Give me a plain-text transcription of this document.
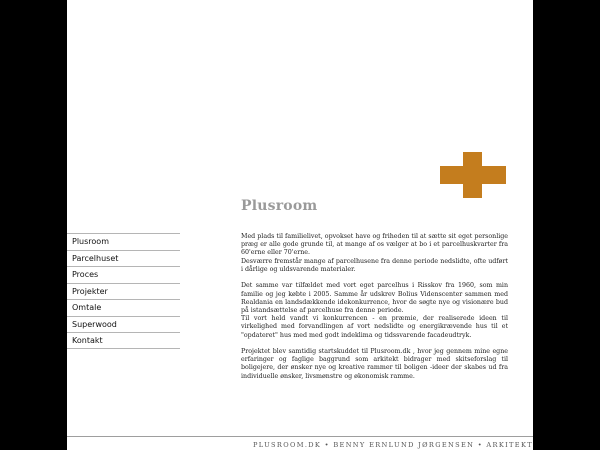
Plusroom
Plusroom
Parcelhuset
Proces
Projekter
Omtale
Superwood
Kontakt

Med plads til familielivet, opvokset have og friheden til at sætte sit eget personlige præg er alle gode grunde til, at mange af os vælger at bo i et parcelhuskvarter fra 60'erne eller 70'erne.
Desværre fremstår mange af parcelhusene fra denne periode nedslidte, ofte udført i dårlige og uldsvarende materialer.

Det samme var tilfældet med vort eget parcelhus i Risskov fra 1960, som min familie og jeg købte i 2005. Samme år udskrev Bolius Videnscenter sammen med Realdania en landsdækkende idekonkurrence, hvor de søgte nye og visionære bud på istandsættelse af parcelhuse fra denne periode.
Til vort held vandt vi konkurrencen - en præmie, der realiserede ideen til virkelighed med forvandlingen af vort nedslidte og energikrævende hus til et "opdateret" hus med med godt indeklima og tidssvarende facadeudtryk.

Projektet blev samtidig startskuddet til Plusroom.dk , hvor jeg gennem mine egne erfaringer og faglige baggrund som arkitekt bidrager med skitseforslag til boligejere, der ønsker nye og kreative rammer til boligen -ideer der skabes ud fra individuelle ønsker, livsmønstre og økonomisk ramme.

PLUSROOM.DK • BENNY ERNLUND JØRGENSEN • ARKITEKT
